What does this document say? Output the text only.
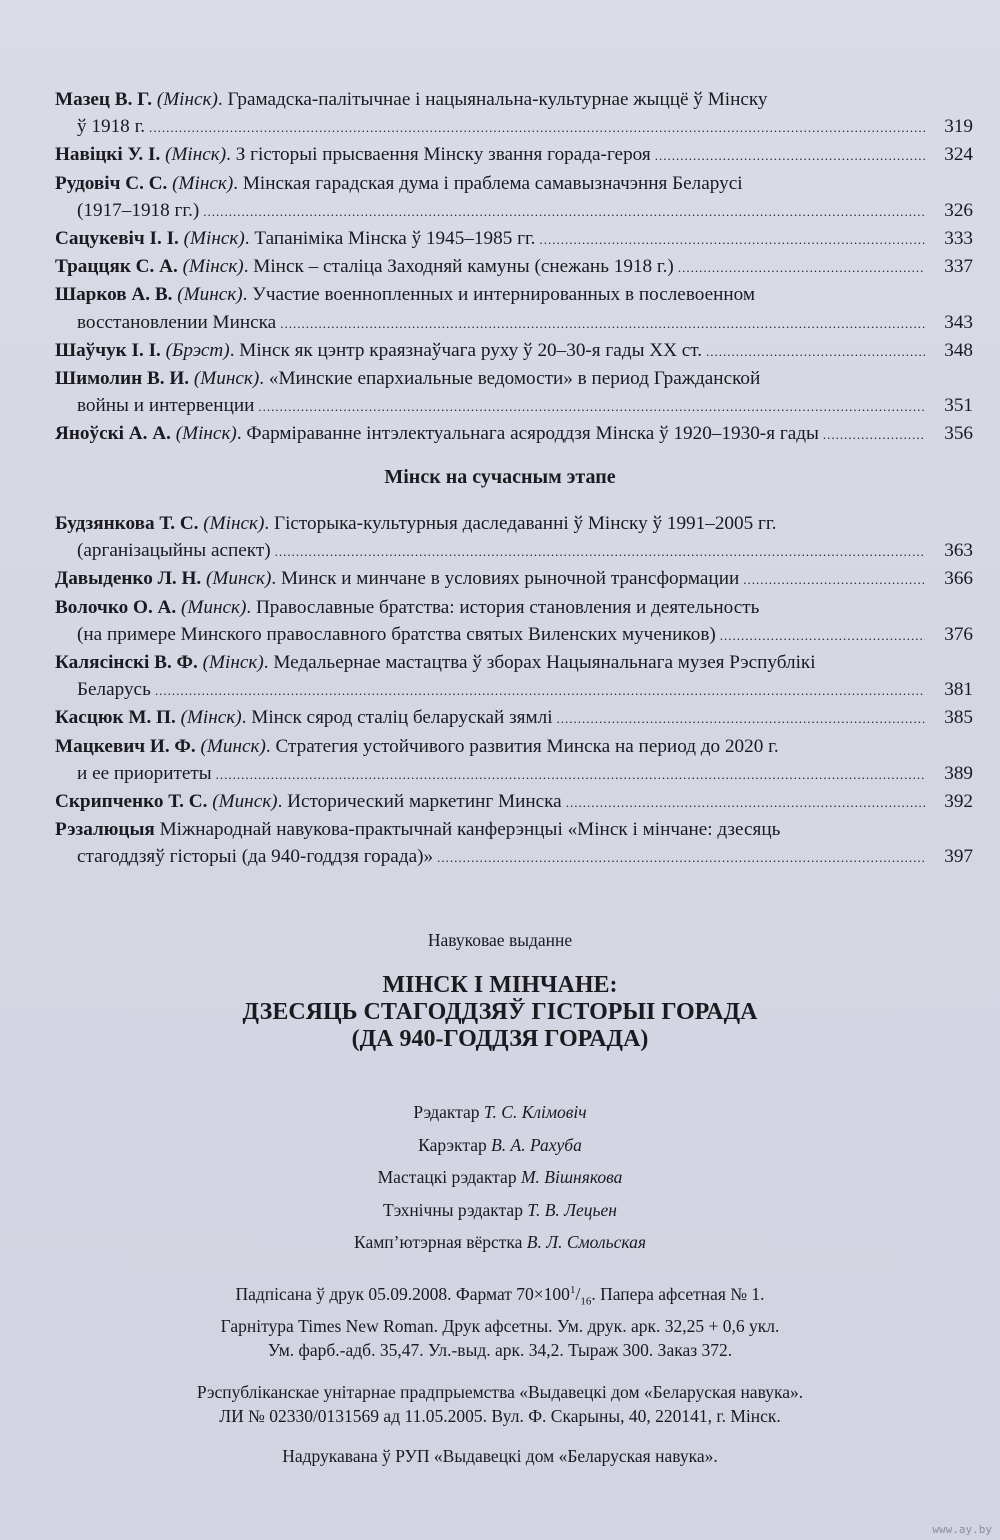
Мазец В. Г. (Мінск). Грамадска-палітычнае і нацыянальна-культурнае жыццё ў Мінску
ў 1918 г. .....	319
Навіцкі У. І. (Мінск). З гісторыі прысваення Мінску звання горада-героя .....	324
Рудовіч С. С. (Мінск). Мінская гарадская дума і праблема самавызначэння Беларусі
(1917–1918 гг.) .....	326
Сацукевіч І. І. (Мінск). Тапаніміка Мінска ў 1945–1985 гг. .....	333
Траццяк С. А. (Мінск). Мінск – сталіца Заходняй камуны (снежань 1918 г.) .....	337
Шарков А. В. (Минск). Участие военнопленных и интернированных в послевоенном
восстановлении Минска .....	343
Шаўчук І. І. (Брэст). Мінск як цэнтр краязнаўчага руху ў 20–30-я гады XX ст. .....	348
Шимолин В. И. (Минск). «Минские епархиальные ведомости» в период Гражданской
войны и интервенции .....	351
Яноўскі А. А. (Мінск). Фарміраванне інтэлектуальнага асяроддзя Мінска ў 1920–1930-я гады .....	356
Мінск на сучасным этапе
Будзянкова Т. С. (Мінск). Гісторыка-культурныя даследаванні ў Мінску ў 1991–2005 гг.
(арганізацыйны аспект) .....	363
Давыденко Л. Н. (Минск). Минск и минчане в условиях рыночной трансформации .....	366
Волочко О. А. (Минск). Православные братства: история становления и деятельность
(на примере Минского православного братства святых Виленских мучеников) .....	376
Калясінскі В. Ф. (Мінск). Медальернае мастацтва ў зборах Нацыянальнага музея Рэспублікі
Беларусь .....	381
Касцюк М. П. (Мінск). Мінск сярод сталіц беларускай зямлі .....	385
Мацкевич И. Ф. (Минск). Стратегия устойчивого развития Минска на период до 2020 г.
и ее приоритеты .....	389
Скрипченко Т. С. (Минск). Исторический маркетинг Минска .....	392
Рэзалюцыя Міжнароднай навукова-практычнай канферэнцыі «Мінск і мінчане: дзесяць
стагоддзяў гісторыі (да 940-годдзя горада)» .....	397
Навуковае выданне
МІНСК І МІНЧАНЕ:
ДЗЕСЯЦЬ СТАГОДДЗЯЎ ГІСТОРЫІ ГОРАДА
(ДА 940-ГОДДЗЯ ГОРАДА)
Рэдактар Т. С. Клімовіч
Карэктар В. А. Рахуба
Мастацкі рэдактар М. Вішнякова
Тэхнічны рэдактар Т. В. Лецьен
Камп’ютэрная вёрстка В. Л. Смольская
Падпісана ў друк 05.09.2008. Фармат $70\times 100^1/_{16}$. Папера афсетная № 1.
Гарнітура Times New Roman. Друк афсетны. Ум. друк. арк. 32,25 + 0,6 укл.
Ум. фарб.-адб. 35,47. Ул.-выд. арк. 34,2. Тыраж 300. Заказ 372.
Рэспубліканскае унітарнае прадпрыемства «Выдавецкі дом «Беларуская навука».
ЛИ № 02330/0131569 ад 11.05.2005. Вул. Ф. Скарыны, 40, 220141, г. Мінск.
Надрукавана ў РУП «Выдавецкі дом «Беларуская навука».
www.ay.by
